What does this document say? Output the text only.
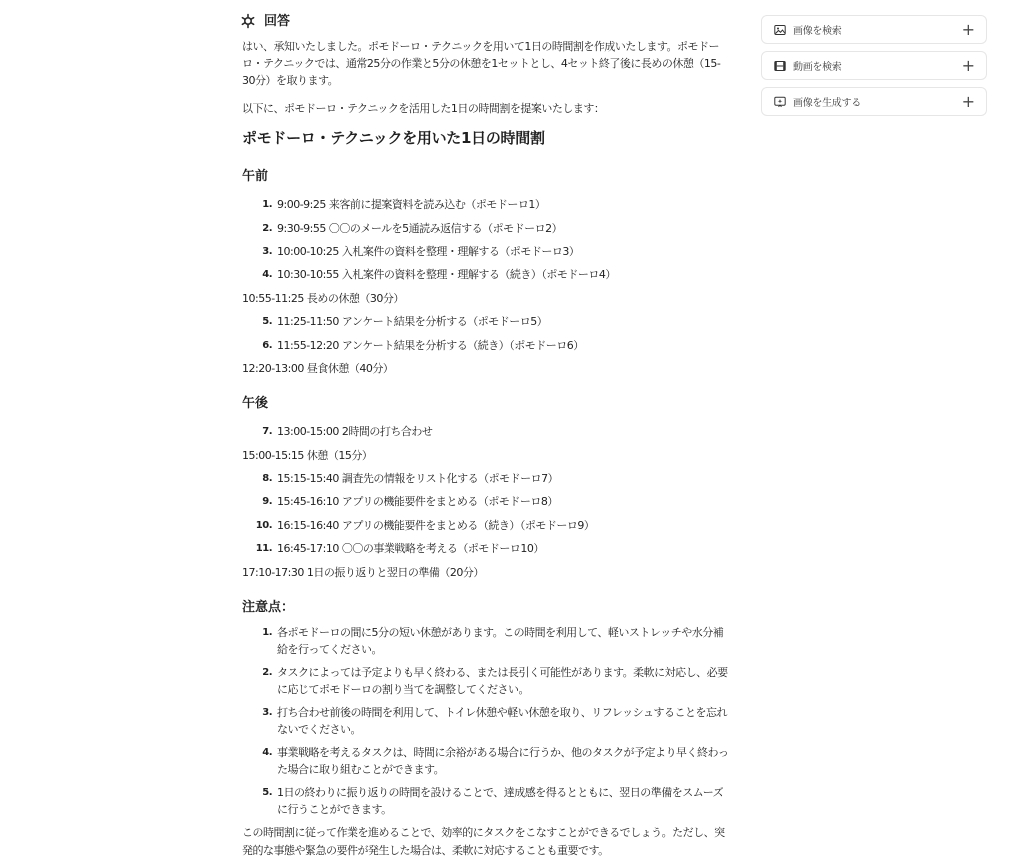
回答

はい、承知いたしました。ポモドーロ・テクニックを用いて1日の時間割を作成いたします。ポモドーロ・テクニックでは、通常25分の作業と5分の休憩を1セットとし、4セット終了後に長めの休憩（15-30分）を取ります。

以下に、ポモドーロ・テクニックを活用した1日の時間割を提案いたします：

ポモドーロ・テクニックを用いた1日の時間割
午前
1. 9:00-9:25 来客前に提案資料を読み込む（ポモドーロ1）
2. 9:30-9:55 〇〇のメールを5通読み返信する（ポモドーロ2）
3. 10:00-10:25 入札案件の資料を整理・理解する（ポモドーロ3）
4. 10:30-10:55 入札案件の資料を整理・理解する（続き）（ポモドーロ4）
10:55-11:25 長めの休憩（30分）
5. 11:25-11:50 アンケート結果を分析する（ポモドーロ5）
6. 11:55-12:20 アンケート結果を分析する（続き）（ポモドーロ6）
12:20-13:00 昼食休憩（40分）
午後
7. 13:00-15:00 2時間の打ち合わせ
15:00-15:15 休憩（15分）
8. 15:15-15:40 調査先の情報をリスト化する（ポモドーロ7）
9. 15:45-16:10 アプリの機能要件をまとめる（ポモドーロ8）
10. 16:15-16:40 アプリの機能要件をまとめる（続き）（ポモドーロ9）
11. 16:45-17:10 〇〇の事業戦略を考える（ポモドーロ10）
17:10-17:30 1日の振り返りと翌日の準備（20分）
注意点：
1. 各ポモドーロの間に5分の短い休憩があります。この時間を利用して、軽いストレッチや水分補給を行ってください。
2. タスクによっては予定よりも早く終わる、または長引く可能性があります。柔軟に対応し、必要に応じてポモドーロの割り当てを調整してください。
3. 打ち合わせ前後の時間を利用して、トイレ休憩や軽い休憩を取り、リフレッシュすることを忘れないでください。
4. 事業戦略を考えるタスクは、時間に余裕がある場合に行うか、他のタスクが予定より早く終わった場合に取り組むことができます。
5. 1日の終わりに振り返りの時間を設けることで、達成感を得るとともに、翌日の準備をスムーズに行うことができます。

この時間割に従って作業を進めることで、効率的にタスクをこなすことができるでしょう。ただし、突発的な事態や緊急の要件が発生した場合は、柔軟に対応することも重要です。

画像を検索	+
動画を検索	+
画像を生成する	+
